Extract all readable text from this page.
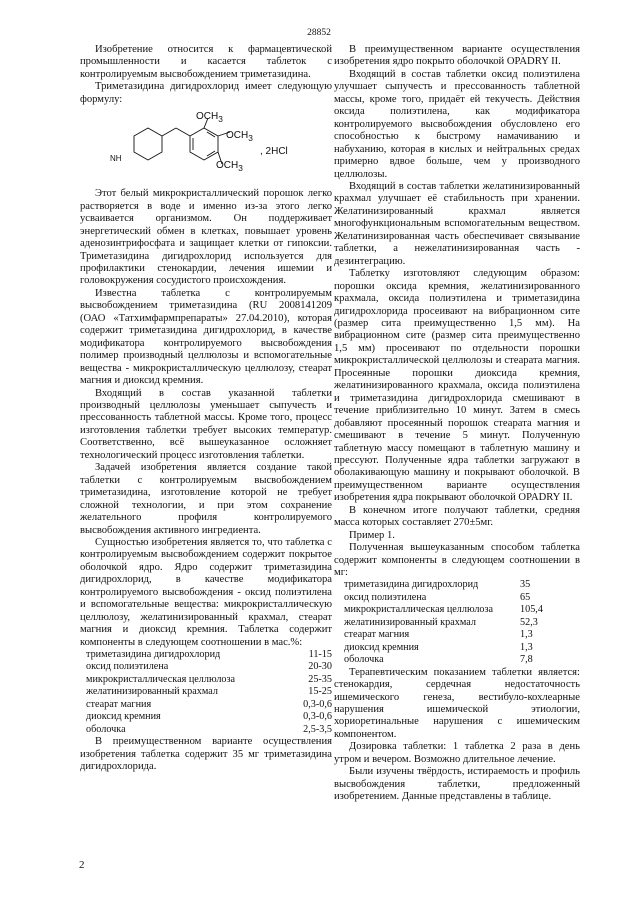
28852

Изобретение относится к фармацевтической промышленности и касается таблеток с контролируемым высвобождением триметазидина.

Триметазидина дигидрохлорид имеет следующую формулу:

$OCH_3$
$OCH_3$
$OCH_3$
NH
, 2HCl

Этот белый микрокристаллический порошок легко растворяется в воде и именно из-за этого легко усваивается организмом. Он поддерживает энергетический обмен в клетках, повышает уровень аденозинтрифосфата и защищает клетки от гипоксии. Триметазидина дигидрохлорид используется для профилактики стенокардии, лечения ишемии и головокружения сосудистого происхождения.

Известна таблетка с контролируемым высвобождением триметазидина (RU 2008141209 (ОАО «Татхимфармпрепараты» 27.04.2010), которая содержит триметазидина дигидрохлорид, в качестве модификатора контролируемого высвобождения полимер производный целлюлозы и вспомогательные вещества - микрокристаллическую целлюлозу, стеарат магния и диоксид кремния.

Входящий в состав указанной таблетки производный целлюлозы уменьшает сыпучесть и прессованность таблетной массы. Кроме того, процесс изготовления таблетки требует высоких температур. Соответственно, всё вышеуказанное осложняет технологический процесс изготовления таблетки.

Задачей изобретения является создание такой таблетки с контролируемым высвобождением триметазидина, изготовление которой не требует сложной технологии, и при этом сохранение желательного профиля контролируемого высвобождения активного ингредиента.

Сущностью изобретения является то, что таблетка с контролируемым высвобождением содержит покрытое оболочкой ядро. Ядро содержит триметазидина дигидрохлорид, в качестве модификатора контролируемого высвобождения - оксид полиэтилена и вспомогательные вещества: микрокристаллическую целлюлозу, желатинизированный крахмал, стеарат магния и диоксид кремния. Таблетка содержит компоненты в следующем соотношении в мас.%:

триметазидина дигидрохлорид	11-15
оксид полиэтилена	20-30
микрокристаллическая целлюлоза	25-35
желатинизированный крахмал	15-25
стеарат магния	0,3-0,6
диоксид кремния	0,3-0,6
оболочка	2,5-3,5

В преимущественном варианте осуществления изобретения таблетка содержит 35 мг триметазидина дигидрохлорида.

В преимущественном варианте осуществления изобретения ядро покрыто оболочкой OPADRY II.

Входящий в состав таблетки оксид полиэтилена улучшает сыпучесть и прессованность таблетной массы, кроме того, придаёт ей текучесть. Действия оксида полиэтилена, как модификатора контролируемого высвобождения обусловлено его способностью к быстрому намачиванию и набуханию, которая в кислых и нейтральных средах примерно вдвое больше, чем у производного целлюлозы.

Входящий в состав таблетки желатинизированный крахмал улучшает её стабильность при хранении. Желатинизированный крахмал является многофункциональным вспомогательным веществом. Желатинизированная часть обеспечивает связывание таблетки, а нежелатинизированная часть - дезинтеграцию.

Таблетку изготовляют следующим образом: порошки оксида кремния, желатинизированного крахмала, оксида полиэтилена и триметазидина дигидрохлорида просеивают на вибрационном сите (размер сита преимущественно 1,5 мм). На вибрационном сите (размер сита преимущественно 1,5 мм) просеивают по отдельности порошки микрокристаллической целлюлозы и стеарата магния. Просеянные порошки диоксида кремния, желатинизированного крахмала, оксида полиэтилена и триметазидина дигидрохлорида смешивают в течение приблизительно 10 минут. Затем в смесь добавляют просеянный порошок стеарата магния и смешивают в течение 5 минут. Полученную таблетную массу помещают в таблетную машину и прессуют. Полученные ядра таблетки загружают в оболакивающую машину и покрывают оболочкой. В преимущественном варианте осуществления изобретения ядра покрывают оболочкой OPADRY II.

В конечном итоге получают таблетки, средняя масса которых составляет 270±5мг.

Пример 1.

Полученная вышеуказанным способом таблетка содержит компоненты в следующем соотношении в мг:

триметазидина дигидрохлорид	35
оксид полиэтилена	65
микрокристаллическая целлюлоза	105,4
желатинизированный крахмал	52,3
стеарат магния	1,3
диоксид кремния	1,3
оболочка	7,8

Терапевтическим показанием таблетки является: стенокардия, сердечная недостаточность ишемического генеза, вестибуло-кохлеарные нарушения ишемической этиологии, хориоретинальные нарушения с ишемическим компонентом.

Дозировка таблетки: 1 таблетка 2 раза в день утром и вечером. Возможно длительное лечение.

Были изучены твёрдость, истираемость и профиль высвобождения таблетки, предложенный изобретением. Данные представлены в таблице.

2
